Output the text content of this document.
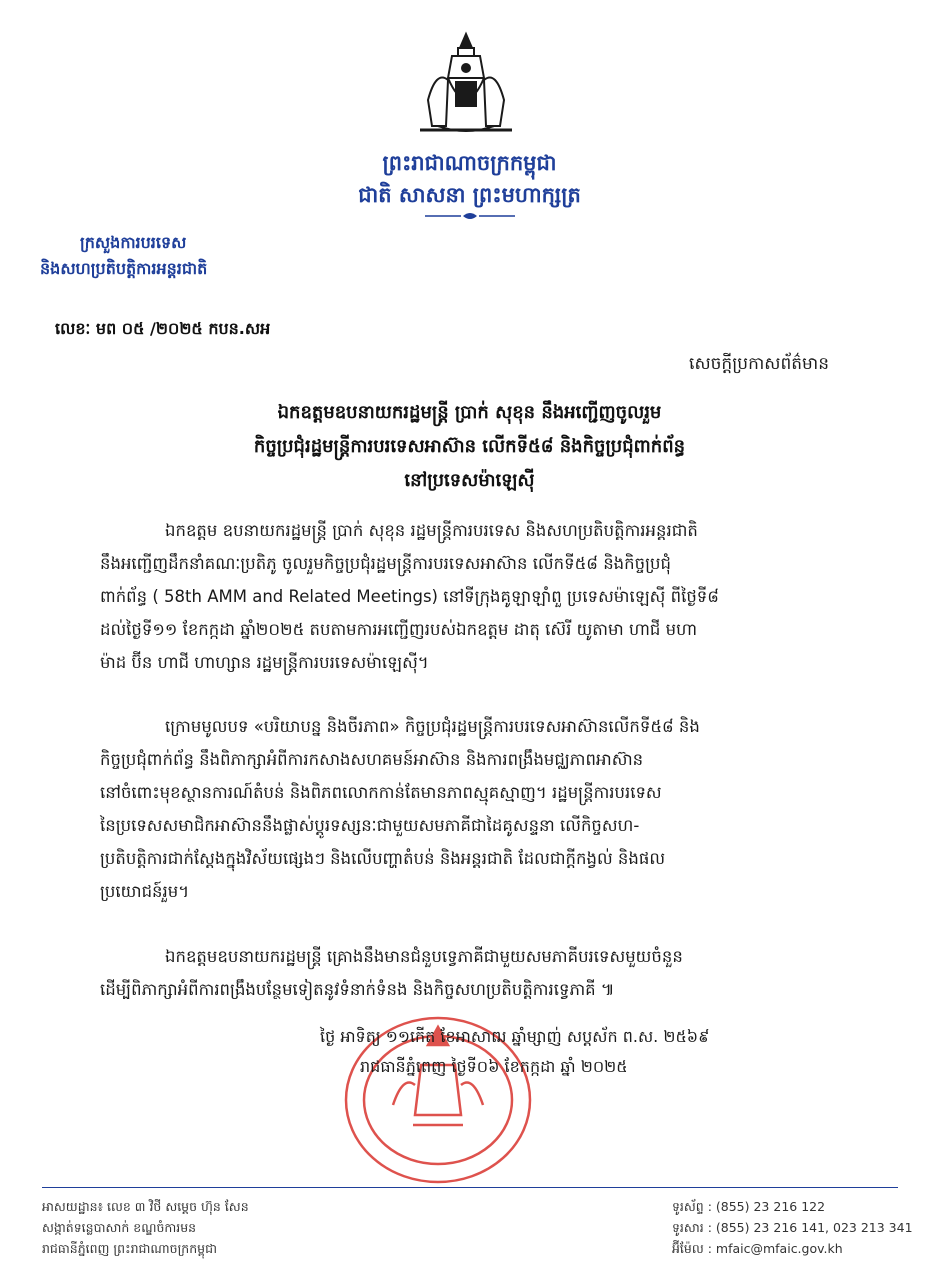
ព្រះរាជាណាចក្រកម្ពុជា
ជាតិ សាសនា ព្រះមហាក្សត្រ
ក្រសួងការបរទេស
និងសហប្រតិបត្តិការអន្តរជាតិ
លេខៈ មព ០៥ /២០២៥ កបន.សអ
សេចក្តីប្រកាសព័ត៌មាន
ឯកឧត្តមឧបនាយករដ្ឋមន្ត្រី ប្រាក់ សុខុន នឹងអញ្ជើញចូលរួម
កិច្ចប្រជុំរដ្ឋមន្ត្រីការបរទេសអាស៊ាន លើកទី៥៨ និងកិច្ចប្រជុំពាក់ព័ន្ធ
នៅប្រទេសម៉ាឡេស៊ី

ឯកឧត្តម ឧបនាយករដ្ឋមន្ត្រី ប្រាក់ សុខុន រដ្ឋមន្ត្រីការបរទេស និងសហប្រតិបត្តិការអន្តរជាតិ
នឹងអញ្ជើញដឹកនាំគណៈប្រតិភូ ចូលរួមកិច្ចប្រជុំរដ្ឋមន្ត្រីការបរទេសអាស៊ាន លើកទី៥៨ និងកិច្ចប្រជុំ
ពាក់ព័ន្ធ ( 58th AMM and Related Meetings) នៅទីក្រុងគូឡាឡាំពួ ប្រទេសម៉ាឡេស៊ី ពីថ្ងៃទី៨
ដល់ថ្ងៃទី១១ ខែកក្កដា ឆ្នាំ២០២៥ តបតាមការអញ្ជើញរបស់ឯកឧត្តម ដាតុ ស៊េរី យូតាមា ហាជី មហា
ម៉ាដ ប៊ីន ហាជី ហាហ្សាន រដ្ឋមន្ត្រីការបរទេសម៉ាឡេស៊ី។

ក្រោមមូលបទ «បរិយាបន្ន និងចីរភាព» កិច្ចប្រជុំរដ្ឋមន្ត្រីការបរទេសអាស៊ានលើកទី៥៨ និង
កិច្ចប្រជុំពាក់ព័ន្ធ នឹងពិភាក្សាអំពីការកសាងសហគមន៍អាស៊ាន និងការពង្រឹងមជ្ឈភាពអាស៊ាន
នៅចំពោះមុខស្ថានការណ៍តំបន់ និងពិភពលោកកាន់តែមានភាពស្មុគស្មាញ។ រដ្ឋមន្ត្រីការបរទេស
នៃប្រទេសសមាជិកអាស៊ាននឹងផ្លាស់ប្តូរទស្សនៈជាមួយសមភាគីជាដៃគូសន្ទនា លើកិច្ចសហ-
ប្រតិបត្តិការជាក់ស្តែងក្នុងវិស័យផ្សេងៗ និងលើបញ្ហាតំបន់ និងអន្តរជាតិ ដែលជាក្តីកង្វល់ និងផល
ប្រយោជន៍រួម។

ឯកឧត្តមឧបនាយករដ្ឋមន្ត្រី គ្រោងនឹងមានជំនួបទ្វេភាគីជាមួយសមភាគីបរទេសមួយចំនួន
ដើម្បីពិភាក្សាអំពីការពង្រឹងបន្ថែមទៀតនូវទំនាក់ទំនង និងកិច្ចសហប្រតិបត្តិការទ្វេភាគី ៕

ថ្ងៃ អាទិត្យ ១១កើត ខែអាសាឍ ឆ្នាំម្សាញ់ សប្តស័ក ព.ស. ២៥៦៩
រាជធានីភ្នំពេញ ថ្ងៃទី០៦ ខែកក្កដា ឆ្នាំ ២០២៥
អាសយដ្ឋាន៖ លេខ ៣ វិថី សម្តេច ហ៊ុន សែន
សង្កាត់ទន្លេបាសាក់ ខណ្ឌចំការមន
រាជធានីភ្នំពេញ ព្រះរាជាណាចក្រកម្ពុជា
ទូរស័ព្ទ : (855) 23 216 122
ទូរសារ : (855) 23 216 141, 023 213 341
អ៊ីម៉ែល : mfaic@mfaic.gov.kh
